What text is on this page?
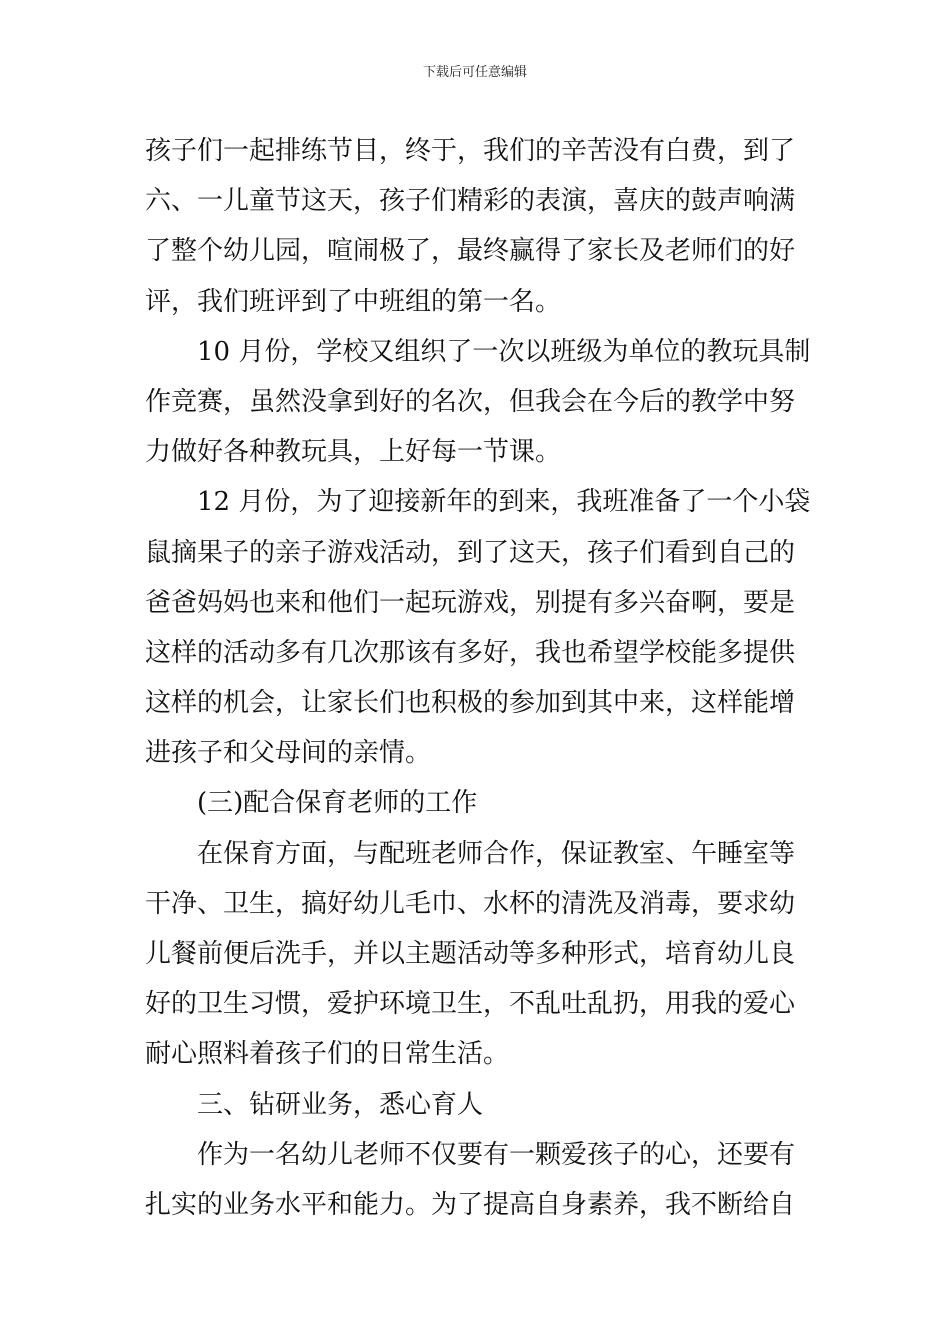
下载后可任意编辑
孩子们一起排练节目，终于，我们的辛苦没有白费，到了
六、一儿童节这天，孩子们精彩的表演，喜庆的鼓声响满
了整个幼儿园，喧闹极了，最终赢得了家长及老师们的好
评，我们班评到了中班组的第一名。
10 月份，学校又组织了一次以班级为单位的教玩具制
作竞赛，虽然没拿到好的名次，但我会在今后的教学中努
力做好各种教玩具，上好每一节课。
12 月份，为了迎接新年的到来，我班准备了一个小袋
鼠摘果子的亲子游戏活动，到了这天，孩子们看到自己的
爸爸妈妈也来和他们一起玩游戏，别提有多兴奋啊，要是
这样的活动多有几次那该有多好，我也希望学校能多提供
这样的机会，让家长们也积极的参加到其中来，这样能增
进孩子和父母间的亲情。
(三)配合保育老师的工作
在保育方面，与配班老师合作，保证教室、午睡室等
干净、卫生，搞好幼儿毛巾、水杯的清洗及消毒，要求幼
儿餐前便后洗手，并以主题活动等多种形式，培育幼儿良
好的卫生习惯，爱护环境卫生，不乱吐乱扔，用我的爱心
耐心照料着孩子们的日常生活。
三、钻研业务，悉心育人
作为一名幼儿老师不仅要有一颗爱孩子的心，还要有
扎实的业务水平和能力。为了提高自身素养，我不断给自
